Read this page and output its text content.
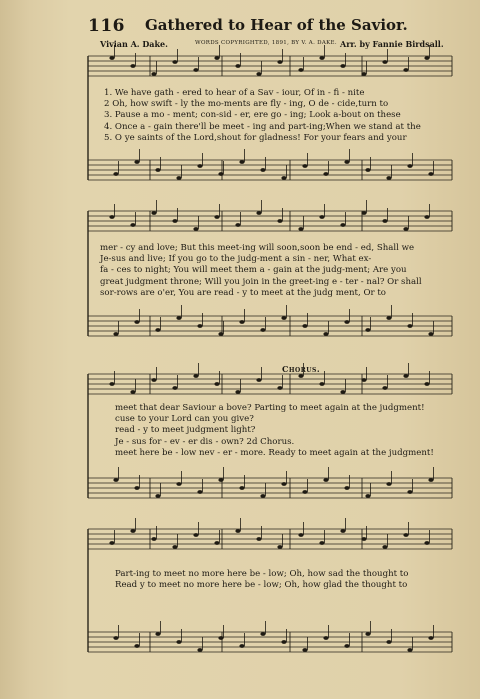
116 Gathered to Hear of the Savior.
Vivian A. Dake.	WORDS COPYRIGHTED, 1891, BY V. A. DAKE. Arr. by Fannie Birdsall.
1. We have gath - ered to hear of a Sav - iour, Of in - fi - nite
2 Oh, how swift - ly the mo-ments are fly - ing, O de - cide,turn to
3. Pause a mo - ment; con-sid - er, ere go - ing; Look a-bout on these
4. Once a - gain there'll be meet - ing and part-ing;When we stand at the
5. O ye saints of the Lord,shout for gladness! For your fears and your
mer - cy and love; But this meet-ing will soon,soon be end - ed, Shall we
Je-sus and live; If you go to the judg-ment a sin - ner, What ex-
fa - ces to night; You will meet them a - gain at the judg-ment; Are you
great judgment throne; Will you join in the greet-ing e - ter - nal? Or shall
sor-rows are o'er, You are read - y to meet at the judg ment, Or to
Chorus.
meet that dear Saviour a bove? Parting to meet again at the judgment!
cuse to your Lord can you give?
read - y to meet judgment light?
Je - sus for - ev - er dis - own? 2d Chorus.
meet here be - low nev - er - more. Ready to meet again at the judgment!
Part-ing to meet no more here be - low; Oh, how sad the thought to
Read y to meet no more here be - low; Oh, how glad the thought to
